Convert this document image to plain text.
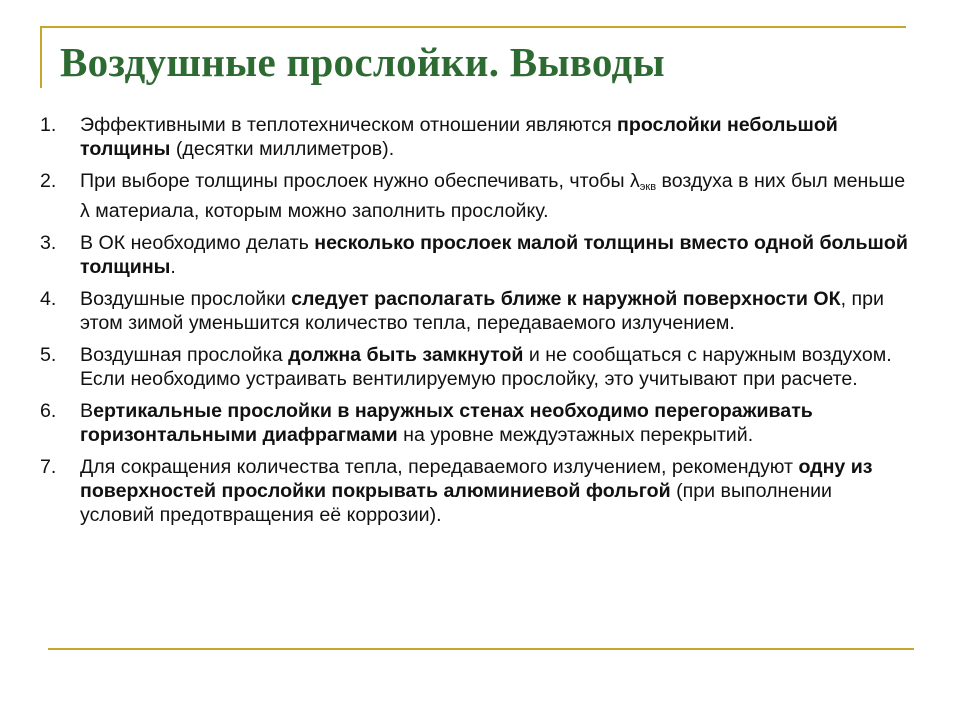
Воздушные прослойки. Выводы
1.	Эффективными в теплотехническом отношении являются прослойки небольшой толщины (десятки миллиметров).
2.	При выборе толщины прослоек нужно обеспечивать, чтобы $\lambda_{экв}$ воздуха в них был меньше λ материала, которым можно заполнить прослойку.
3.	В ОК необходимо делать несколько прослоек малой толщины вместо одной большой толщины.
4.	Воздушные прослойки следует располагать ближе к наружной поверхности ОК, при этом зимой уменьшится количество тепла, передаваемого излучением.
5.	Воздушная прослойка должна быть замкнутой и не сообщаться с наружным воздухом. Если необходимо устраивать вентилируемую прослойку, это учитывают при расчете.
6.	Вертикальные прослойки в наружных стенах необходимо перегораживать горизонтальными диафрагмами на уровне междуэтажных перекрытий.
7.	Для сокращения количества тепла, передаваемого излучением, рекомендуют одну из поверхностей прослойки покрывать алюминиевой фольгой (при выполнении условий предотвращения её коррозии).
